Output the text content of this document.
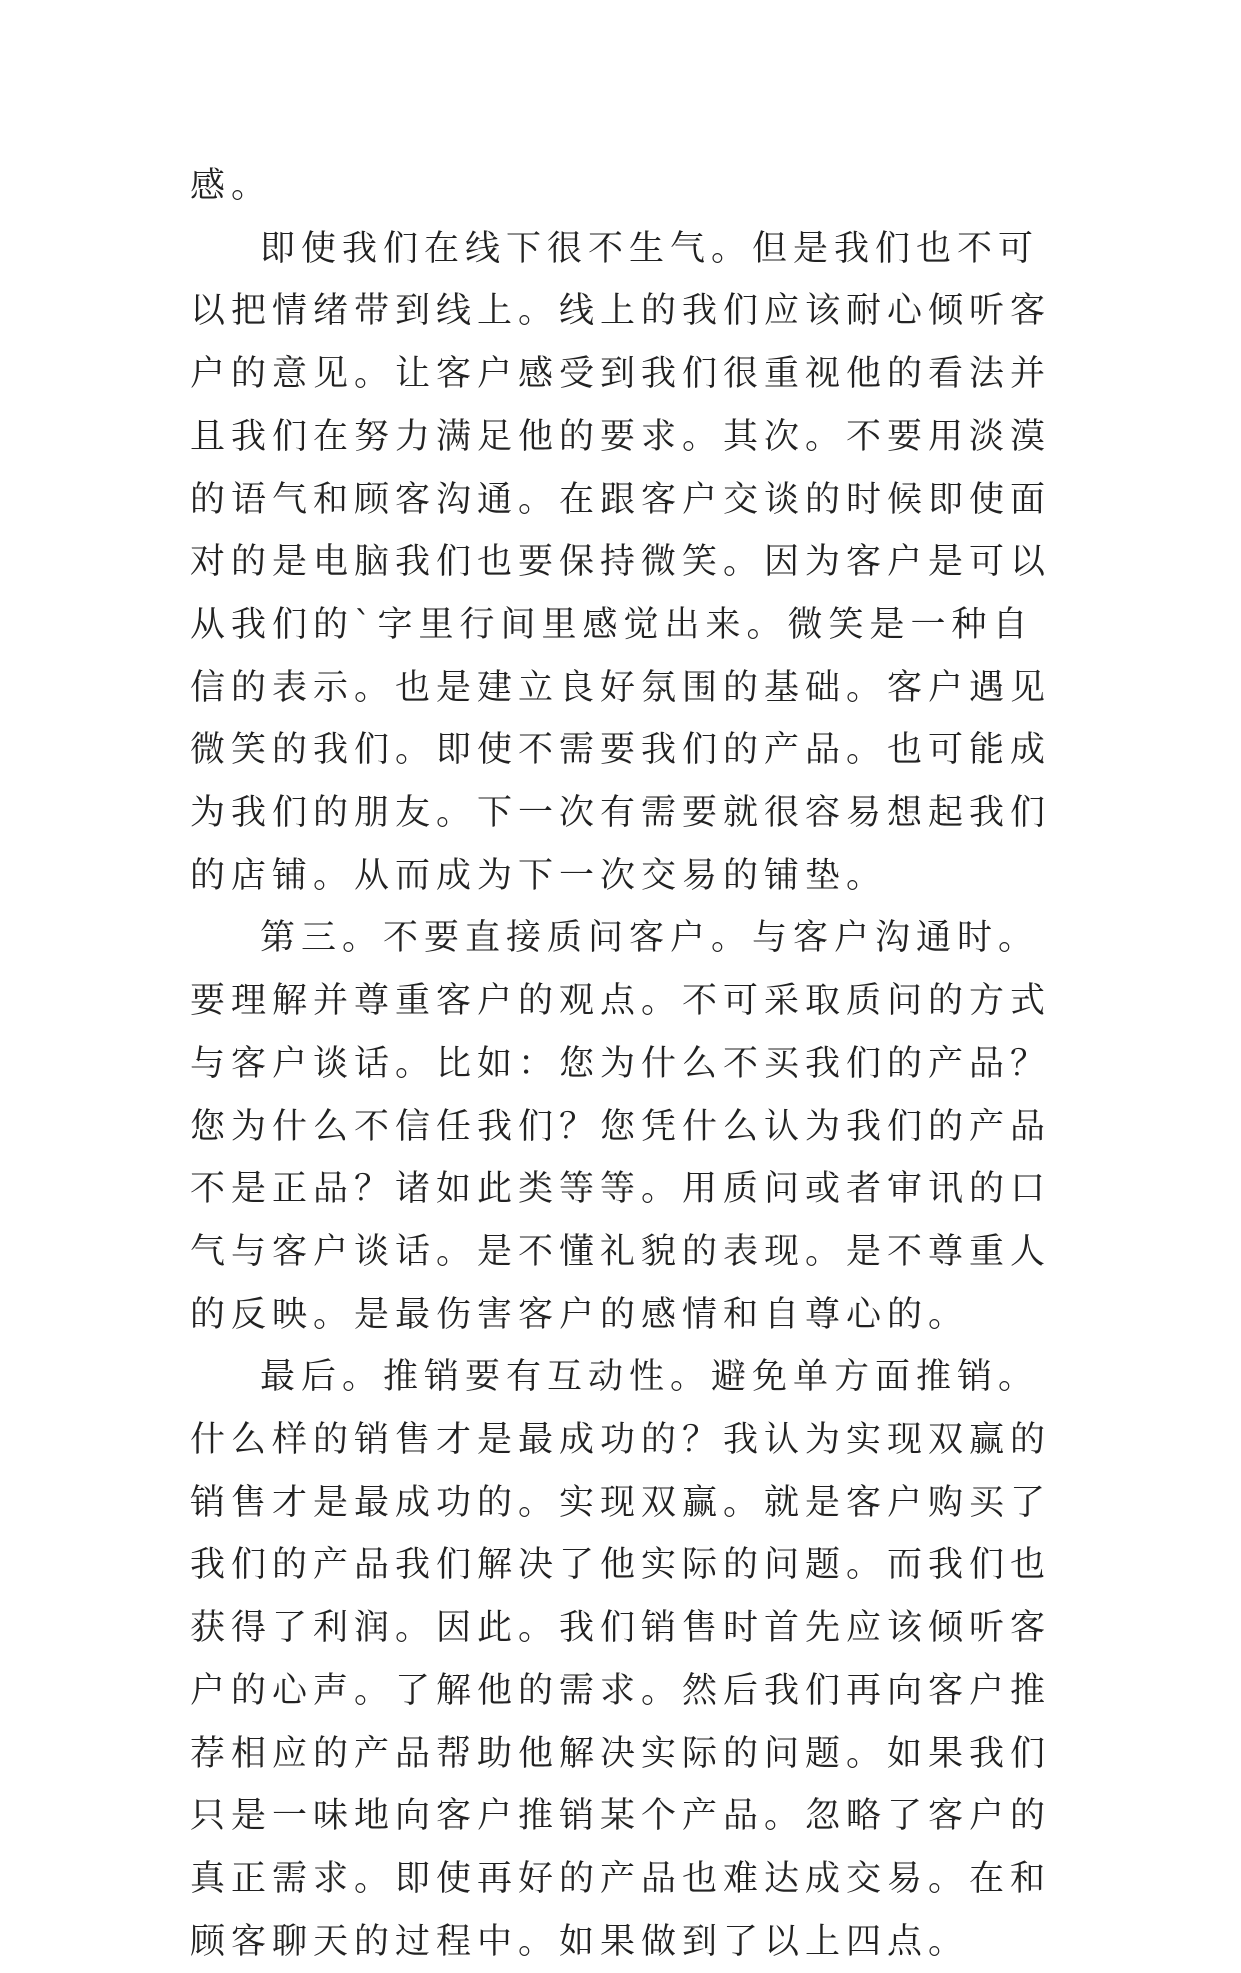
感。

即使我们在线下很不生气。但是我们也不可以把情绪带到线上。线上的我们应该耐心倾听客户的意见。让客户感受到我们很重视他的看法并且我们在努力满足他的要求。其次。不要用淡漠的语气和顾客沟通。在跟客户交谈的时候即使面对的是电脑我们也要保持微笑。因为客户是可以从我们的`字里行间里感觉出来。微笑是一种自信的表示。也是建立良好氛围的基础。客户遇见微笑的我们。即使不需要我们的产品。也可能成为我们的朋友。下一次有需要就很容易想起我们的店铺。从而成为下一次交易的铺垫。

第三。不要直接质问客户。与客户沟通时。要理解并尊重客户的观点。不可采取质问的方式与客户谈话。比如：您为什么不买我们的产品？您为什么不信任我们？您凭什么认为我们的产品不是正品？诸如此类等等。用质问或者审讯的口气与客户谈话。是不懂礼貌的表现。是不尊重人的反映。是最伤害客户的感情和自尊心的。

最后。推销要有互动性。避免单方面推销。什么样的销售才是最成功的？我认为实现双赢的销售才是最成功的。实现双赢。就是客户购买了我们的产品我们解决了他实际的问题。而我们也获得了利润。因此。我们销售时首先应该倾听客户的心声。了解他的需求。然后我们再向客户推荐相应的产品帮助他解决实际的问题。如果我们只是一味地向客户推销某个产品。忽略了客户的真正需求。即使再好的产品也难达成交易。在和顾客聊天的过程中。如果做到了以上四点。
